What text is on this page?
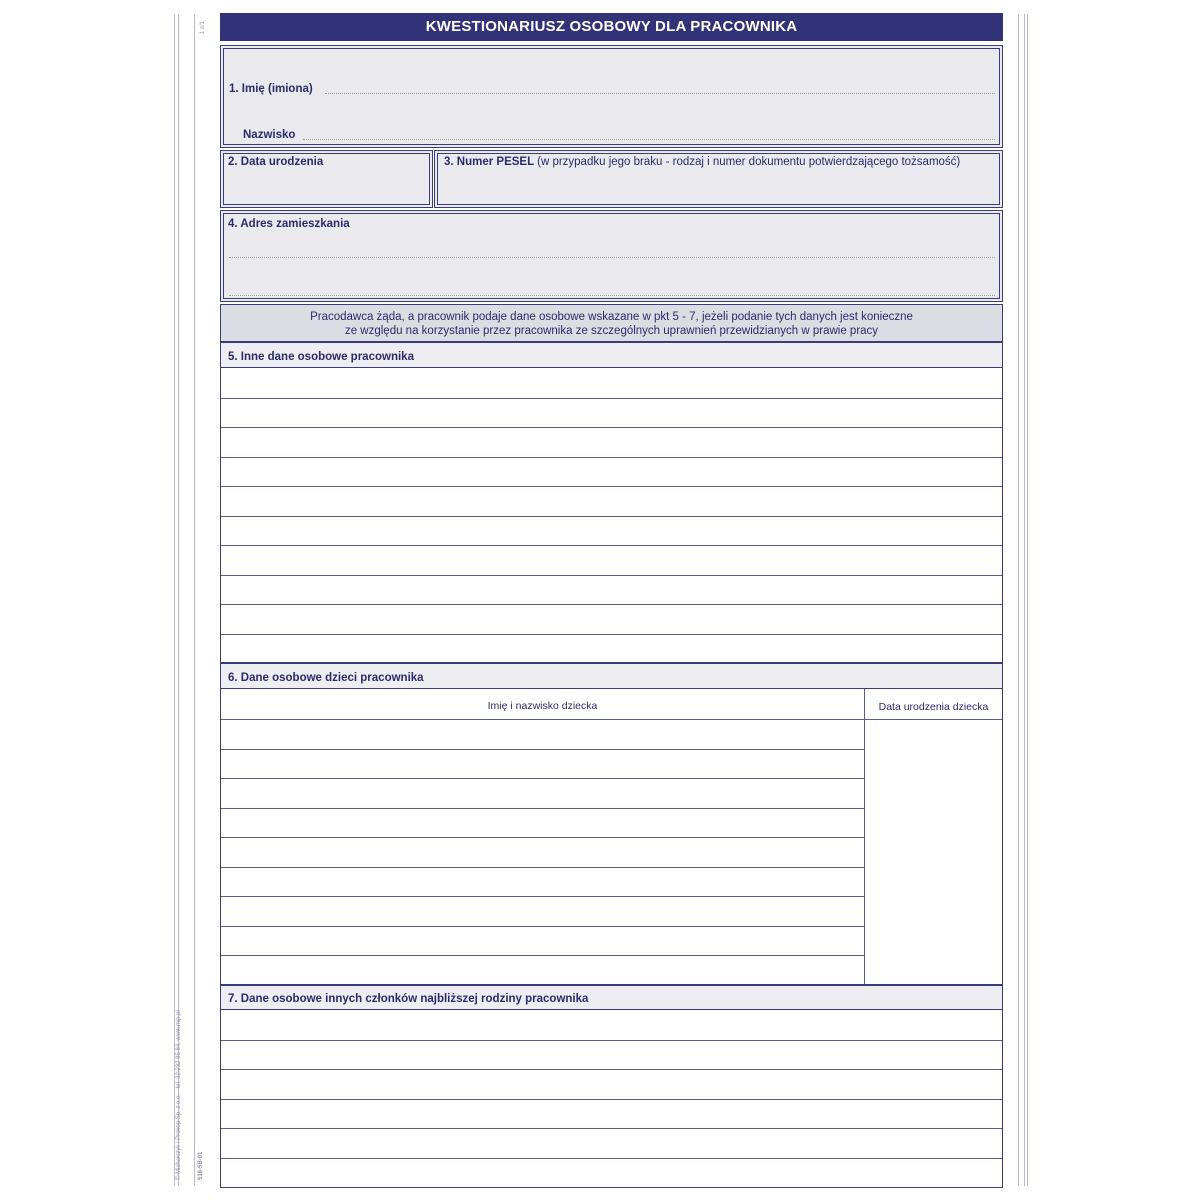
1 z/1
© Michalczyk i Prokop Sp. z o.o. · tel. 32 232 85 84, www.mip.pl	518-5B-01
KWESTIONARIUSZ OSOBOWY DLA PRACOWNIKA
1. Imię (imiona)
Nazwisko
2. Data urodzenia	3. Numer PESEL (w przypadku jego braku - rodzaj i numer dokumentu potwierdzającego tożsamość)
4. Adres zamieszkania
Pracodawca żąda, a pracownik podaje dane osobowe wskazane w pkt 5 - 7, jeżeli podanie tych danych jest konieczne
ze względu na korzystanie przez pracownika ze szczególnych uprawnień przewidzianych w prawie pracy
5. Inne dane osobowe pracownika
6. Dane osobowe dzieci pracownika
Imię i nazwisko dziecka	Data urodzenia dziecka
7. Dane osobowe innych członków najbliższej rodziny pracownika
